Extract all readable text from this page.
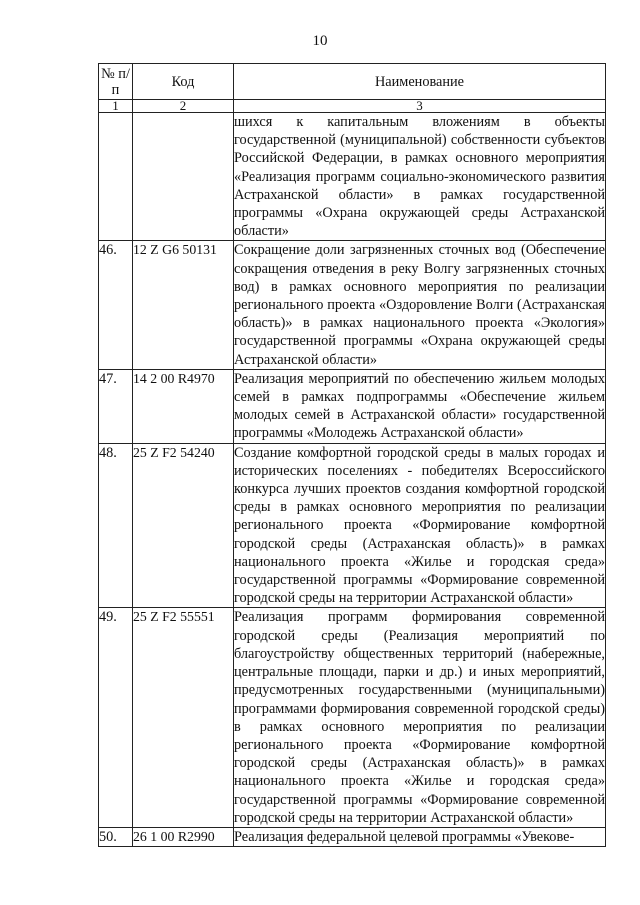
10
№ п/п	Код	Наименование
1	2	3
		шихся к капитальным вложениям в объекты государственной (муниципальной) собственности субъектов Российской Федерации, в рамках основного мероприятия «Реализация программ социально-экономического развития Астраханской области» в рамках государственной программы «Охрана окружающей среды Астраханской области»
46.	12 Z G6 50131	Сокращение доли загрязненных сточных вод (Обеспечение сокращения отведения в реку Волгу загрязненных сточных вод) в рамках основного мероприятия по реализации регионального проекта «Оздоровление Волги (Астраханская область)» в рамках национального проекта «Экология» государственной программы «Охрана окружающей среды Астраханской области»
47.	14 2 00 R4970	Реализация мероприятий по обеспечению жильем молодых семей в рамках подпрограммы «Обеспечение жильем молодых семей в Астраханской области» государственной программы «Молодежь Астраханской области»
48.	25 Z F2 54240	Создание комфортной городской среды в малых городах и исторических поселениях - победителях Всероссийского конкурса лучших проектов создания комфортной городской среды в рамках основного мероприятия по реализации регионального проекта «Формирование комфортной городской среды (Астраханская область)» в рамках национального проекта «Жилье и городская среда» государственной программы «Формирование современной городской среды на территории Астраханской области»
49.	25 Z F2 55551	Реализация программ формирования современной городской среды (Реализация мероприятий по благоустройству общественных территорий (набережные, центральные площади, парки и др.) и иных мероприятий, предусмотренных государственными (муниципальными) программами формирования современной городской среды) в рамках основного мероприятия по реализации регионального проекта «Формирование комфортной городской среды (Астраханская область)» в рамках национального проекта «Жилье и городская среда» государственной программы «Формирование современной городской среды на территории Астраханской области»
50.	26 1 00 R2990	Реализация федеральной целевой программы «Увекове-
